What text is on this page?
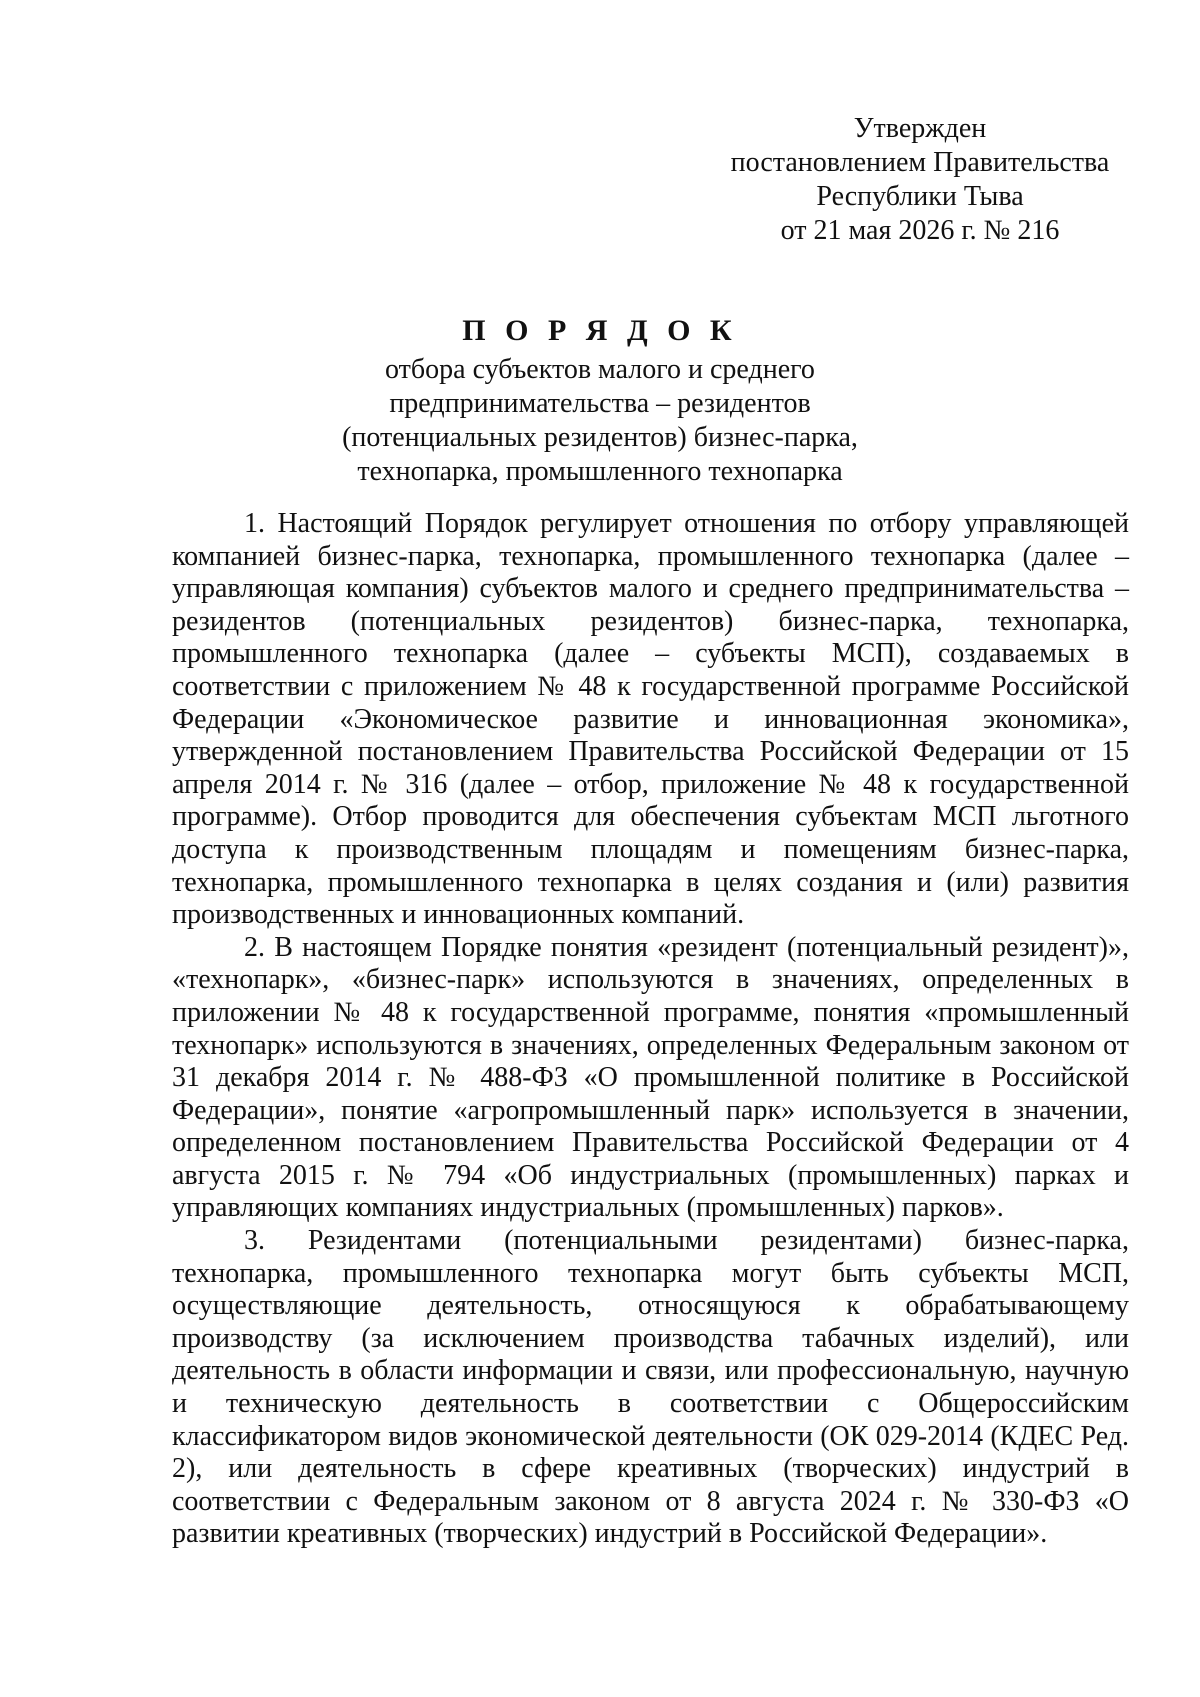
Утвержден
постановлением Правительства
Республики Тыва
от 21 мая 2026 г. № 216
П О Р Я Д О К
отбора субъектов малого и среднего
предпринимательства – резидентов
(потенциальных резидентов) бизнес-парка,
технопарка, промышленного технопарка

1. Настоящий Порядок регулирует отношения по отбору управляющей компанией бизнес-парка, технопарка, промышленного технопарка (далее – управляющая компания) субъектов малого и среднего предпринимательства – резидентов (потенциальных резидентов) бизнес-парка, технопарка, промышленного технопарка (далее – субъекты МСП), создаваемых в соответствии с приложением № 48 к государственной программе Российской Федерации «Экономическое развитие и инновационная экономика», утвержденной постановлением Правительства Российской Федерации от 15 апреля 2014 г. № 316 (далее – отбор, приложение № 48 к государственной программе). Отбор проводится для обеспечения субъектам МСП льготного доступа к производственным площадям и помещениям бизнес-парка, технопарка, промышленного технопарка в целях создания и (или) развития производственных и инновационных компаний.

2. В настоящем Порядке понятия «резидент (потенциальный резидент)», «технопарк», «бизнес-парк» используются в значениях, определенных в приложении № 48 к государственной программе, понятия «промышленный технопарк» используются в значениях, определенных Федеральным законом от 31 декабря 2014 г. № 488-ФЗ «О промышленной политике в Российской Федерации», понятие «агропромышленный парк» используется в значении, определенном постановлением Правительства Российской Федерации от 4 августа 2015 г. № 794 «Об индустриальных (промышленных) парках и управляющих компаниях индустриальных (промышленных) парков».

3. Резидентами (потенциальными резидентами) бизнес-парка, технопарка, промышленного технопарка могут быть субъекты МСП, осуществляющие деятельность, относящуюся к обрабатывающему производству (за исключением производства табачных изделий), или деятельность в области информации и связи, или профессиональную, научную и техническую деятельность в соответствии с Общероссийским классификатором видов экономической деятельности (ОК 029-2014 (КДЕС Ред. 2), или деятельность в сфере креативных (творческих) индустрий в соответствии с Федеральным законом от 8 августа 2024 г. № 330-ФЗ «О развитии креативных (творческих) индустрий в Российской Федерации».
